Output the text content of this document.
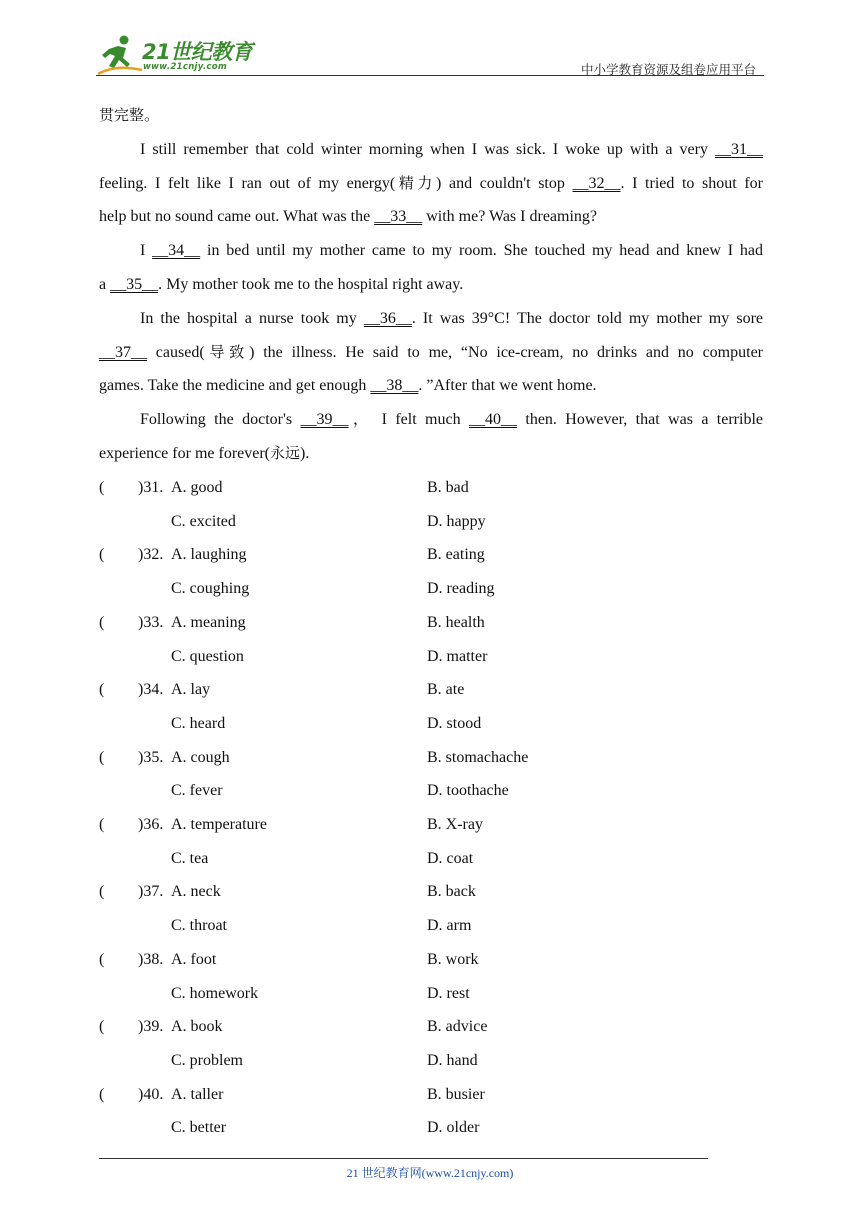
21世纪教育
www.21cnjy.com	中小学教育资源及组卷应用平台
贯完整。
I still remember that cold winter morning when I was sick. I woke up with a very __31__
feeling. I felt like I ran out of my energy(精力) and couldn't stop __32__. I tried to shout for
help but no sound came out. What was the __33__ with me? Was I dreaming?
I __34__ in bed until my mother came to my room. She touched my head and knew I had
a __35__. My mother took me to the hospital right away.
In the hospital a nurse took my __36__. It was 39°C! The doctor told my mother my sore
__37__ caused(导致) the illness. He said to me, “No ice-cream, no drinks and no computer
games. Take the medicine and get enough __38__. ”After that we went home.
Following the doctor's __39__， I felt much __40__ then. However, that was a terrible
experience for me forever(永远).
( )31. A. good	B. bad
C. excited	D. happy
( )32. A. laughing	B. eating
C. coughing	D. reading
( )33. A. meaning	B. health
C. question	D. matter
( )34. A. lay	B. ate
C. heard	D. stood
( )35. A. cough	B. stomachache
C. fever	D. toothache
( )36. A. temperature	B. X-ray
C. tea	D. coat
( )37. A. neck	B. back
C. throat	D. arm
( )38. A. foot	B. work
C. homework	D. rest
( )39. A. book	B. advice
C. problem	D. hand
( )40. A. taller	B. busier
C. better	D. older
21 世纪教育网(www.21cnjy.com)
